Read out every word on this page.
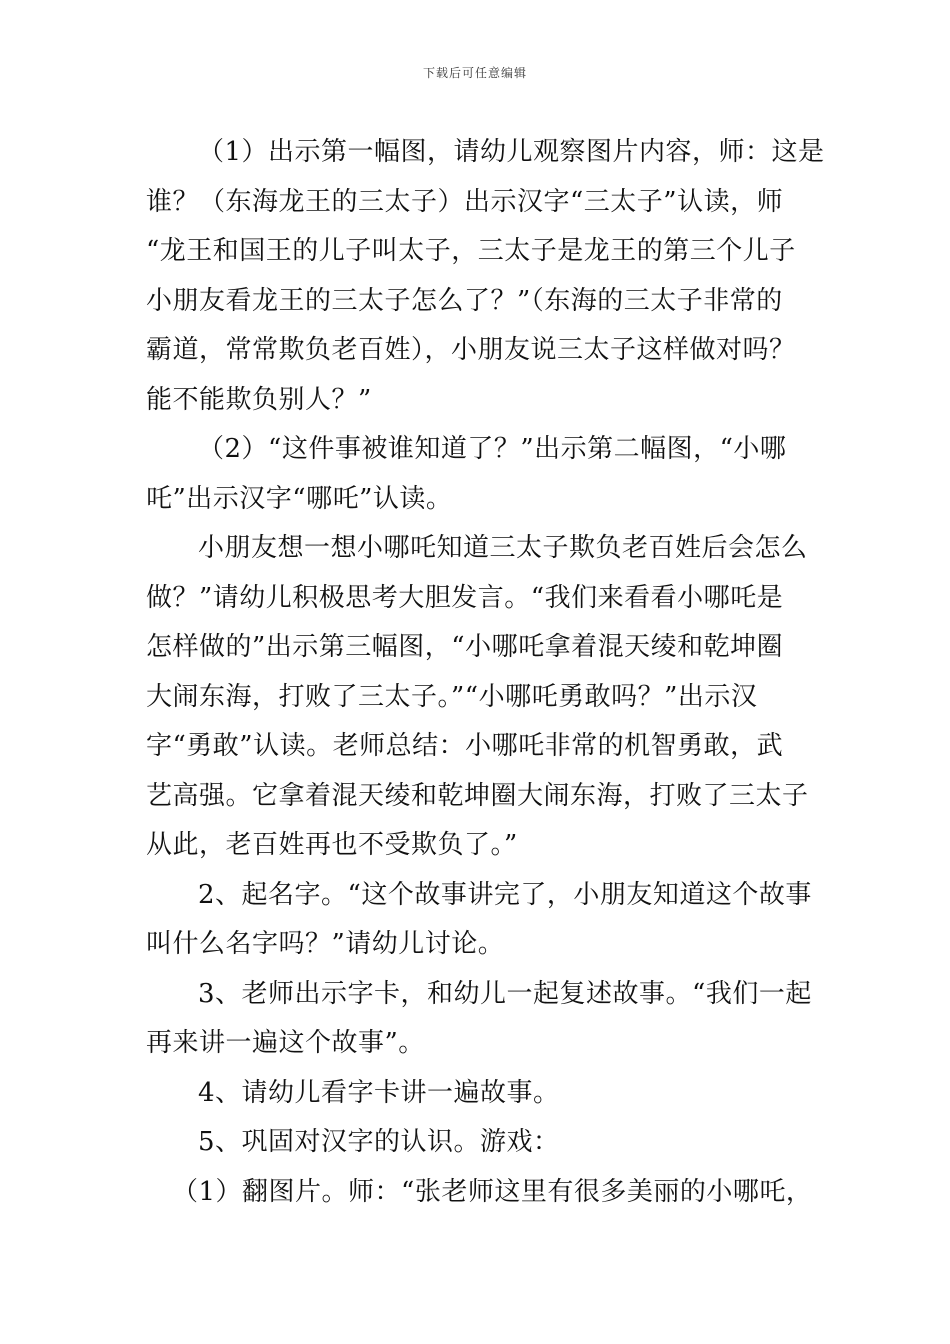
下载后可任意编辑
（1）出示第一幅图，请幼儿观察图片内容，师：这是
谁？（东海龙王的三太子）出示汉字“三太子”认读，师
“龙王和国王的儿子叫太子，三太子是龙王的第三个儿子
小朋友看龙王的三太子怎么了？”（东海的三太子非常的
霸道，常常欺负老百姓），小朋友说三太子这样做对吗？
能不能欺负别人？”
（2）“这件事被谁知道了？”出示第二幅图，“小哪
吒”出示汉字“哪吒”认读。
小朋友想一想小哪吒知道三太子欺负老百姓后会怎么
做？”请幼儿积极思考大胆发言。“我们来看看小哪吒是
怎样做的”出示第三幅图，“小哪吒拿着混天绫和乾坤圈
大闹东海，打败了三太子。”“小哪吒勇敢吗？”出示汉
字“勇敢”认读。老师总结：小哪吒非常的机智勇敢，武
艺高强。它拿着混天绫和乾坤圈大闹东海，打败了三太子
从此，老百姓再也不受欺负了。”
2、起名字。“这个故事讲完了，小朋友知道这个故事
叫什么名字吗？”请幼儿讨论。
3、老师出示字卡，和幼儿一起复述故事。“我们一起
再来讲一遍这个故事”。
4、请幼儿看字卡讲一遍故事。
5、巩固对汉字的认识。游戏：
（1）翻图片。师：“张老师这里有很多美丽的小哪吒，
